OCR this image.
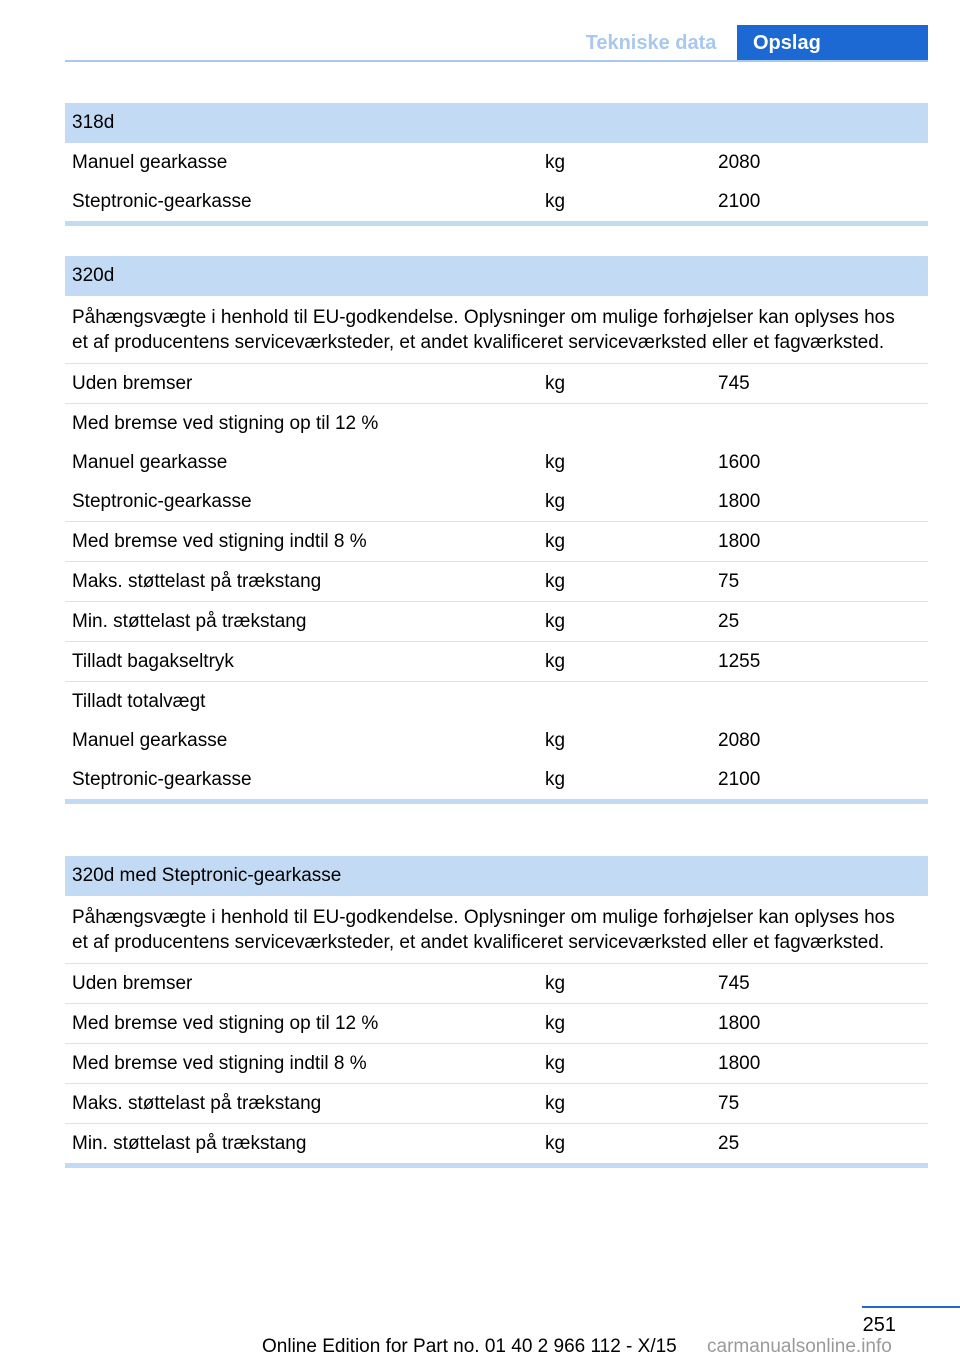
Tekniske data	Opslag
318d
Manuel gearkasse	kg	2080
Steptronic-gearkasse	kg	2100
320d
Påhængsvægte i henhold til EU-godkendelse. Oplysninger om mulige forhøjelser kan oplyses hos et af producentens serviceværksteder, et andet kvalificeret serviceværksted eller et fagværksted.
Uden bremser	kg	745
Med bremse ved stigning op til 12 %
Manuel gearkasse	kg	1600
Steptronic-gearkasse	kg	1800
Med bremse ved stigning indtil 8 %	kg	1800
Maks. støttelast på trækstang	kg	75
Min. støttelast på trækstang	kg	25
Tilladt bagakseltryk	kg	1255
Tilladt totalvægt
Manuel gearkasse	kg	2080
Steptronic-gearkasse	kg	2100
320d med Steptronic-gearkasse
Påhængsvægte i henhold til EU-godkendelse. Oplysninger om mulige forhøjelser kan oplyses hos et af producentens serviceværksteder, et andet kvalificeret serviceværksted eller et fagværksted.
Uden bremser	kg	745
Med bremse ved stigning op til 12 %	kg	1800
Med bremse ved stigning indtil 8 %	kg	1800
Maks. støttelast på trækstang	kg	75
Min. støttelast på trækstang	kg	25
251
Online Edition for Part no. 01 40 2 966 112 - X/15 carmanualsonline.info
